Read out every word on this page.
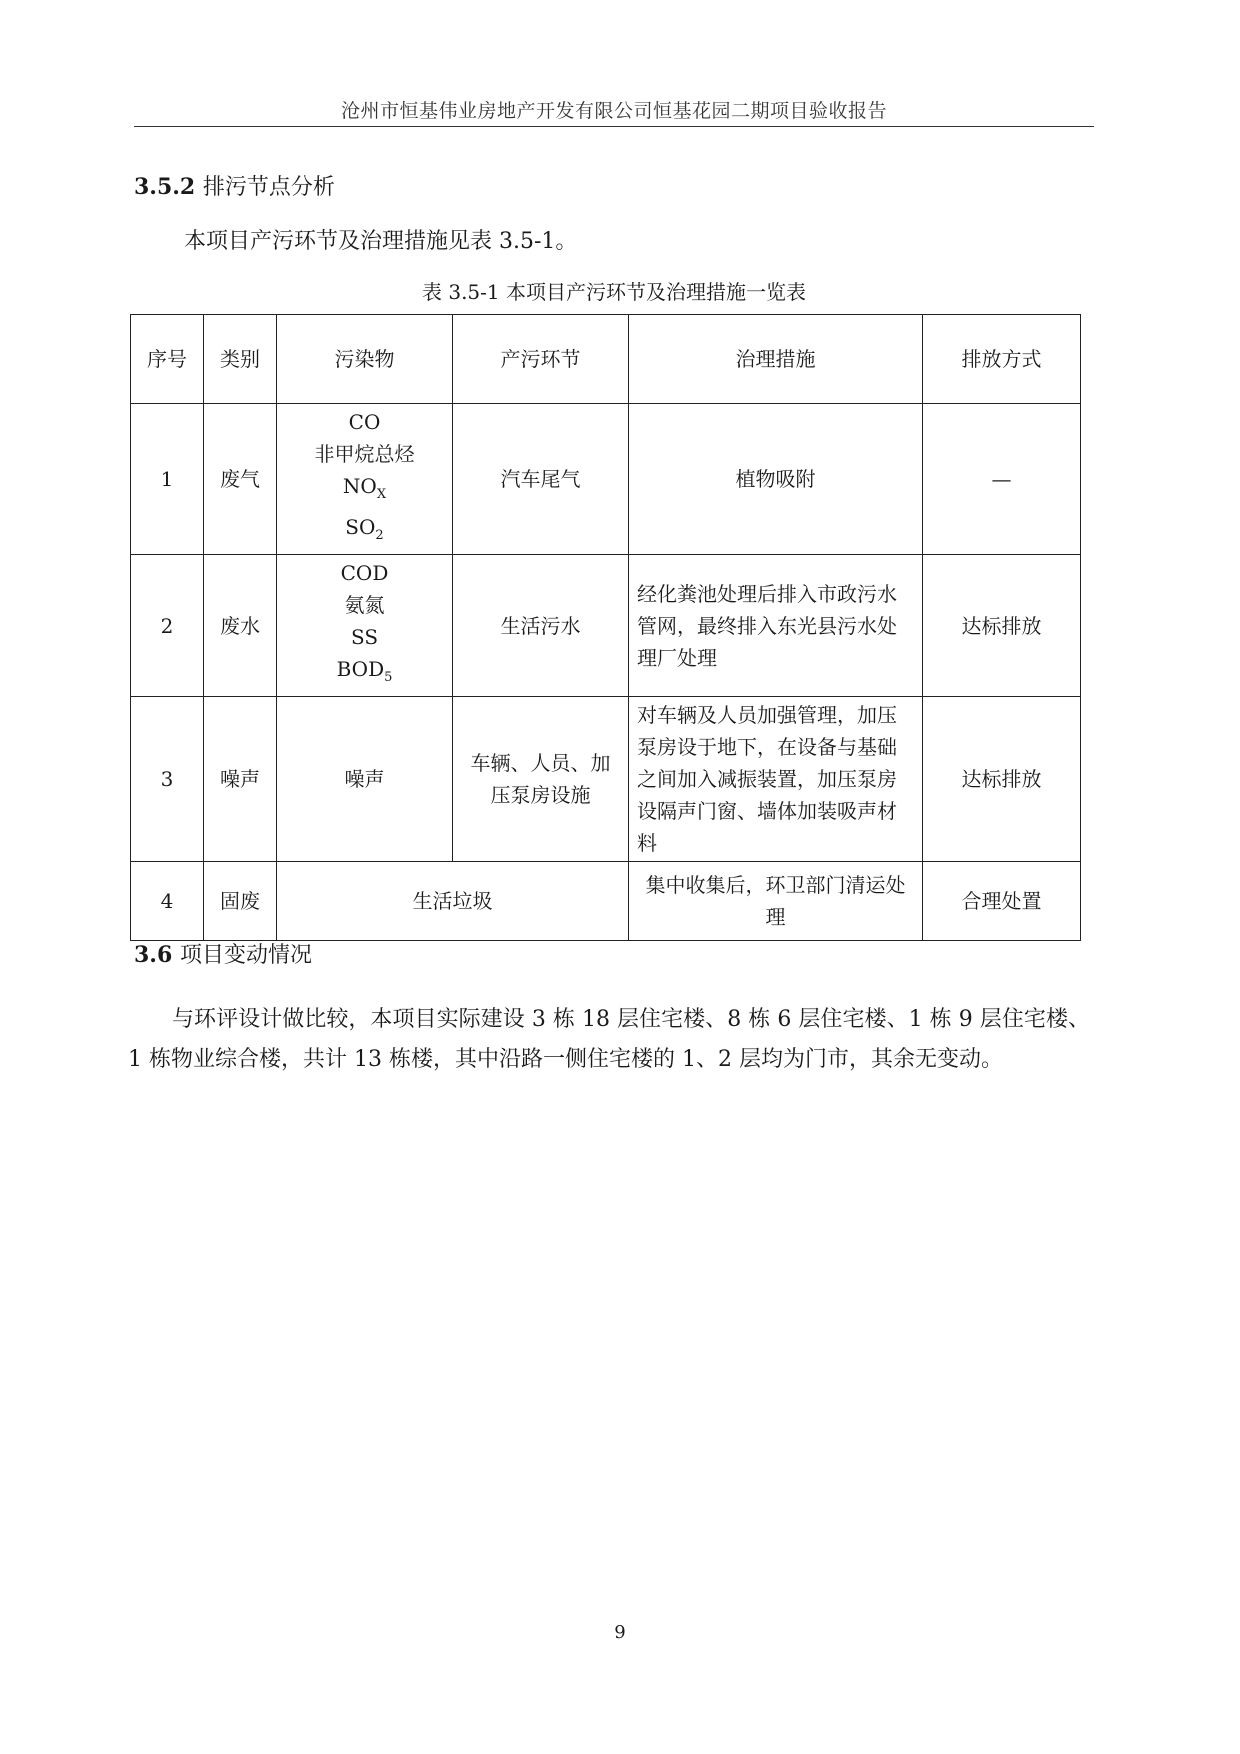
沧州市恒基伟业房地产开发有限公司恒基花园二期项目验收报告
3.5.2 排污节点分析
本项目产污环节及治理措施见表 3.5-1。
表 3.5-1 本项目产污环节及治理措施一览表
序号	类别	污染物	产污环节	治理措施	排放方式
1	废气	CO
非甲烷总烃
$NO_X$
$SO_2$	汽车尾气	植物吸附	—
2	废水	COD
氨氮
SS
$BOD_5$	生活污水	经化粪池处理后排入市政污水管网，最终排入东光县污水处理厂处理	达标排放
3	噪声	噪声	车辆、人员、加压泵房设施	对车辆及人员加强管理，加压泵房设于地下，在设备与基础之间加入减振装置，加压泵房设隔声门窗、墙体加装吸声材料	达标排放
4	固废	生活垃圾		集中收集后，环卫部门清运处理	合理处置
3.6 项目变动情况
与环评设计做比较，本项目实际建设 3 栋 18 层住宅楼、8 栋 6 层住宅楼、1 栋 9 层住宅楼、1 栋物业综合楼，共计 13 栋楼，其中沿路一侧住宅楼的 1、2 层均为门市，其余无变动。
9
